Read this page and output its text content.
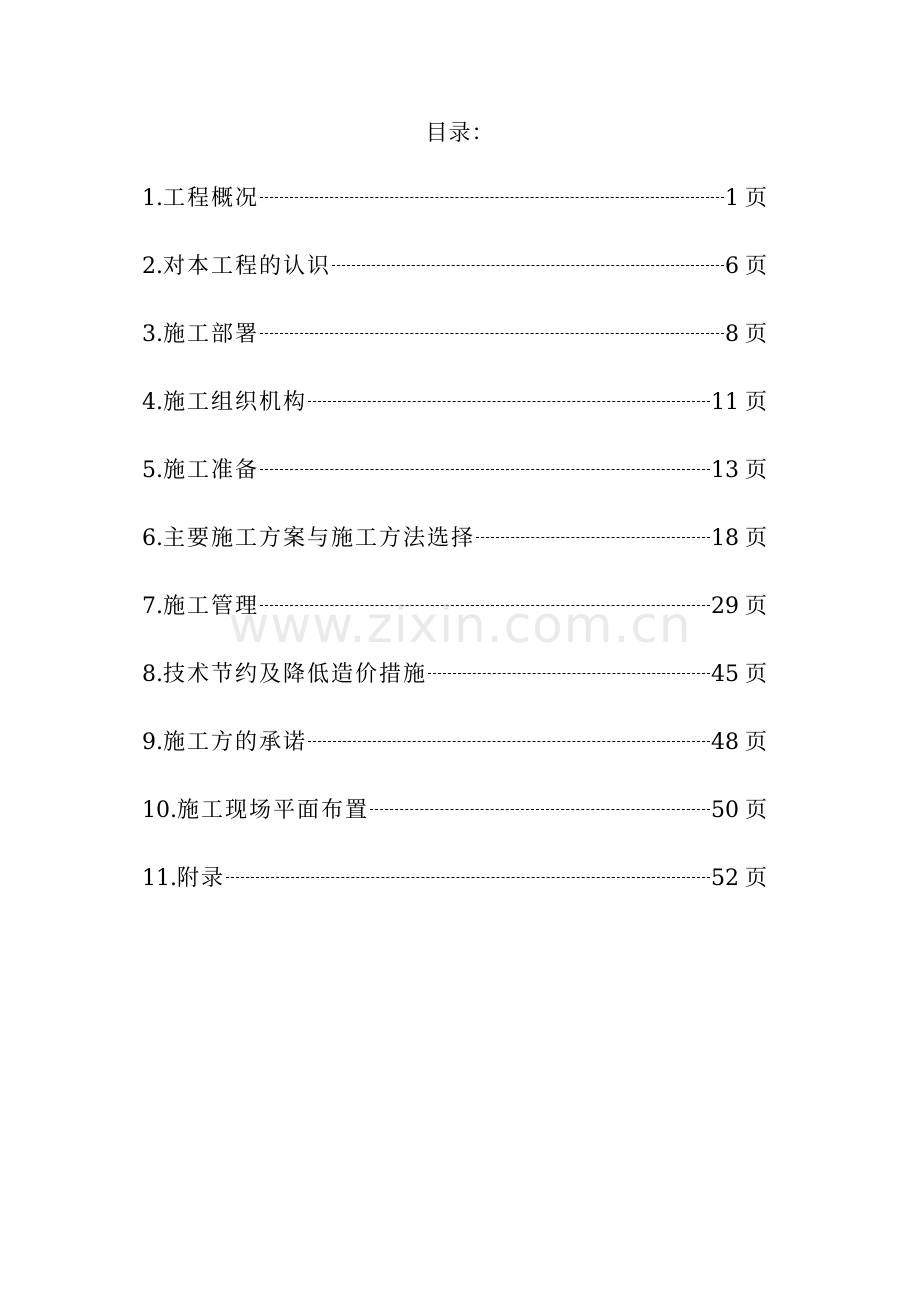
目录：
1. 工程概况	1 页
2. 对本工程的认识	6 页
3. 施工部署	8 页
4. 施工组织机构	11 页
5. 施工准备	13 页
6. 主要施工方案与施工方法选择	18 页
7. 施工管理	29 页
8. 技术节约及降低造价措施	45 页
9. 施工方的承诺	48 页
10. 施工现场平面布置	50 页
11. 附录	52 页
www.zixin.com.cn
